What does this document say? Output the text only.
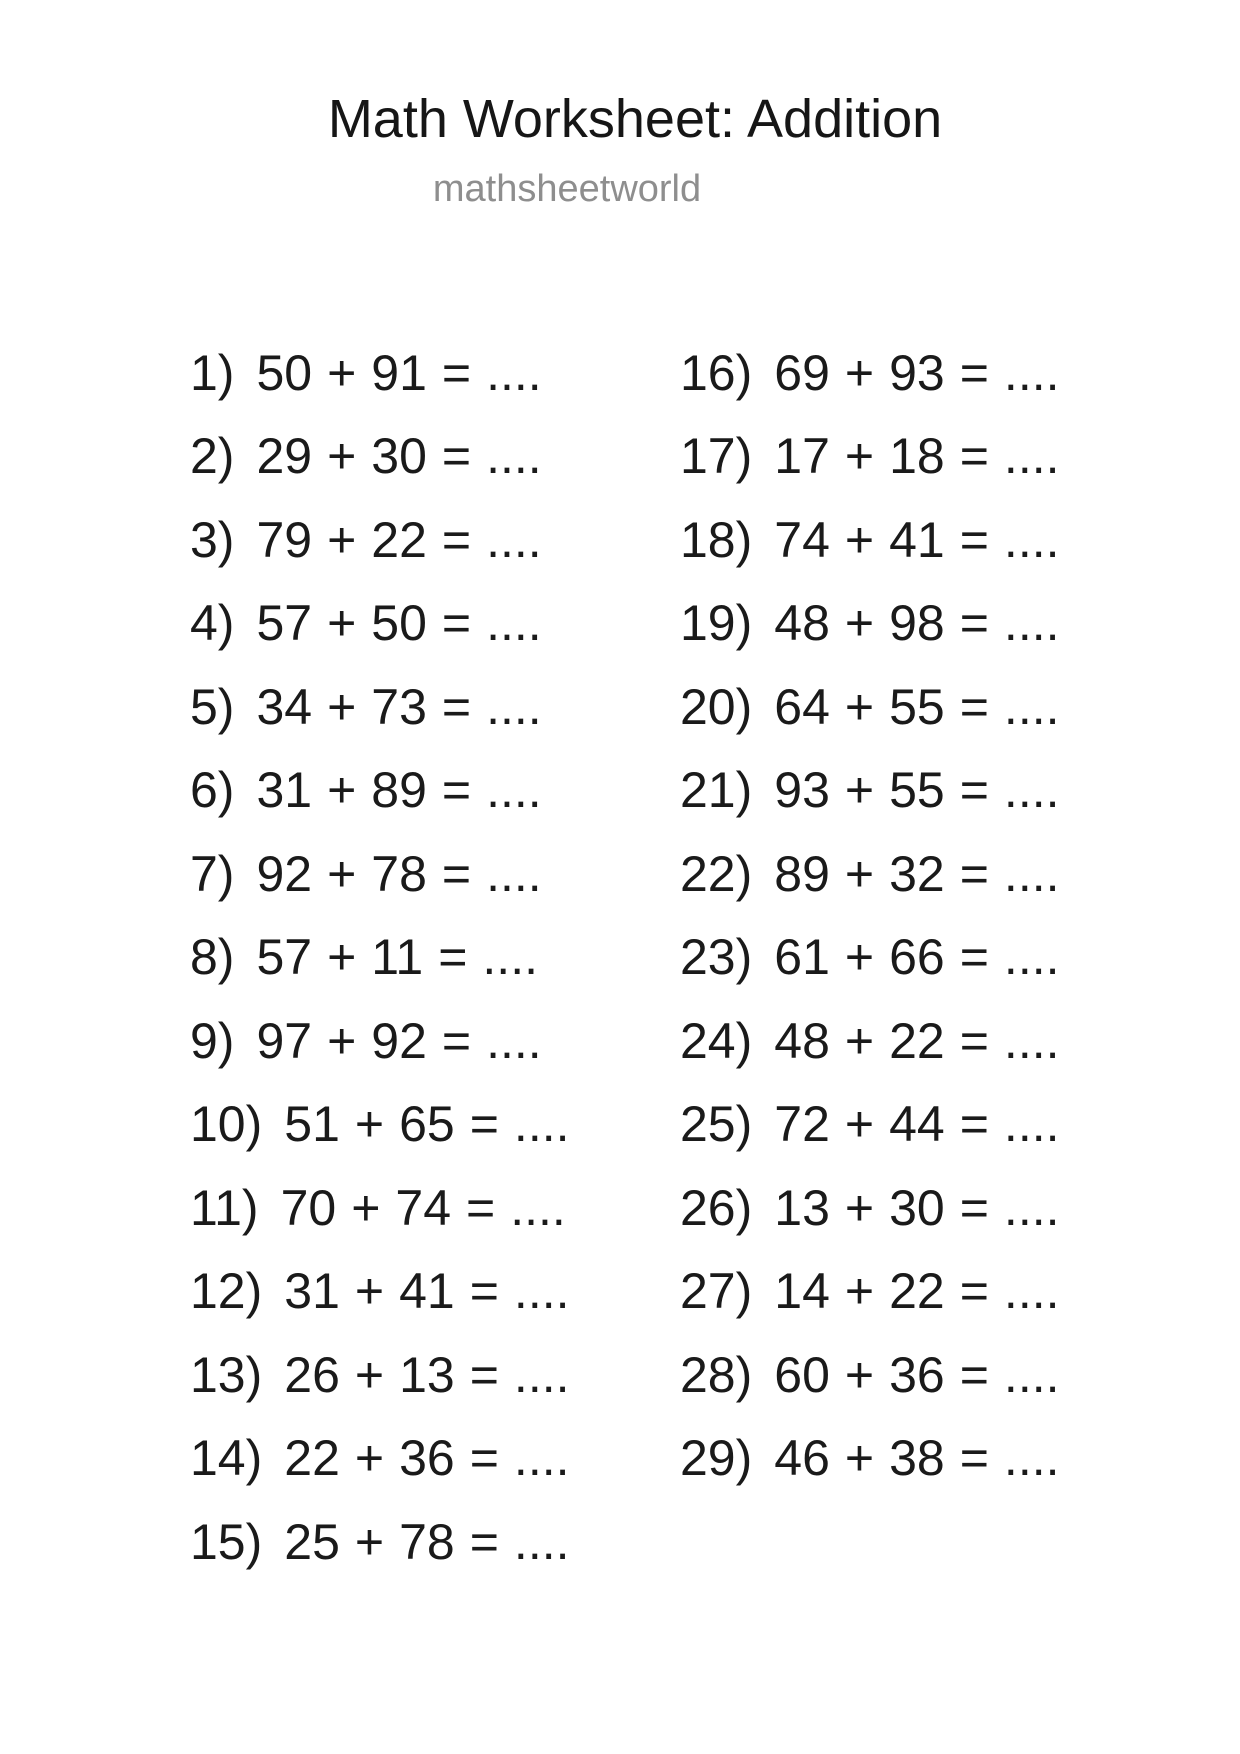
Math Worksheet: Addition
mathsheetworld
1) 50 + 91 = ....
2) 29 + 30 = ....
3) 79 + 22 = ....
4) 57 + 50 = ....
5) 34 + 73 = ....
6) 31 + 89 = ....
7) 92 + 78 = ....
8) 57 + 11 = ....
9) 97 + 92 = ....
10) 51 + 65 = ....
11) 70 + 74 = ....
12) 31 + 41 = ....
13) 26 + 13 = ....
14) 22 + 36 = ....
15) 25 + 78 = ....
16) 69 + 93 = ....
17) 17 + 18 = ....
18) 74 + 41 = ....
19) 48 + 98 = ....
20) 64 + 55 = ....
21) 93 + 55 = ....
22) 89 + 32 = ....
23) 61 + 66 = ....
24) 48 + 22 = ....
25) 72 + 44 = ....
26) 13 + 30 = ....
27) 14 + 22 = ....
28) 60 + 36 = ....
29) 46 + 38 = ....
